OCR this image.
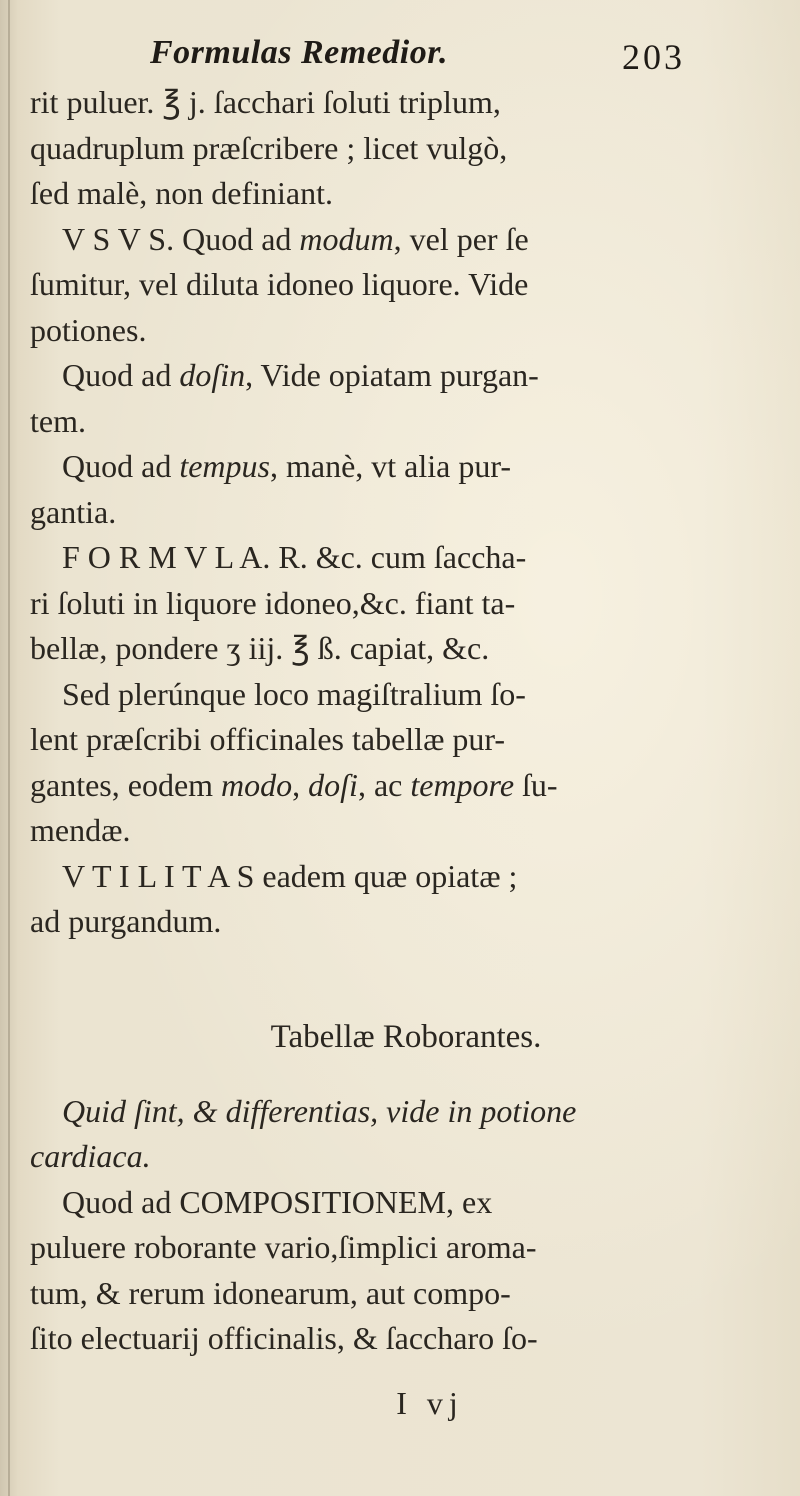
Formulas Remedior.	203
rit puluer. ℥ j. ſacchari ſoluti triplum,
quadruplum præſcribere ; licet vulgò,
ſed malè, non definiant.
V S V S. Quod ad modum, vel per ſe
ſumitur, vel diluta idoneo liquore. Vide
potiones.
Quod ad doſin, Vide opiatam purgan-
tem.
Quod ad tempus, manè, vt alia pur-
gantia.
F O R M V L A. R. &c. cum ſaccha-
ri ſoluti in liquore idoneo,&c. fiant ta-
bellæ, pondere ʒ iij. ℥ ß. capiat, &c.
Sed plerúnque loco magiſtralium ſo-
lent præſcribi officinales tabellæ pur-
gantes, eodem modo, doſi, ac tempore ſu-
mendæ.
V T I L I T A S eadem quæ opiatæ ;
ad purgandum.
Tabellæ Roborantes.
Quid ſint, & differentias, vide in potione
cardiaca.
Quod ad COMPOSITIONEM, ex
puluere roborante vario,ſimplici aroma-
tum, & rerum idonearum, aut compo-
ſito electuarij officinalis, & ſaccharo ſo-
I vj
